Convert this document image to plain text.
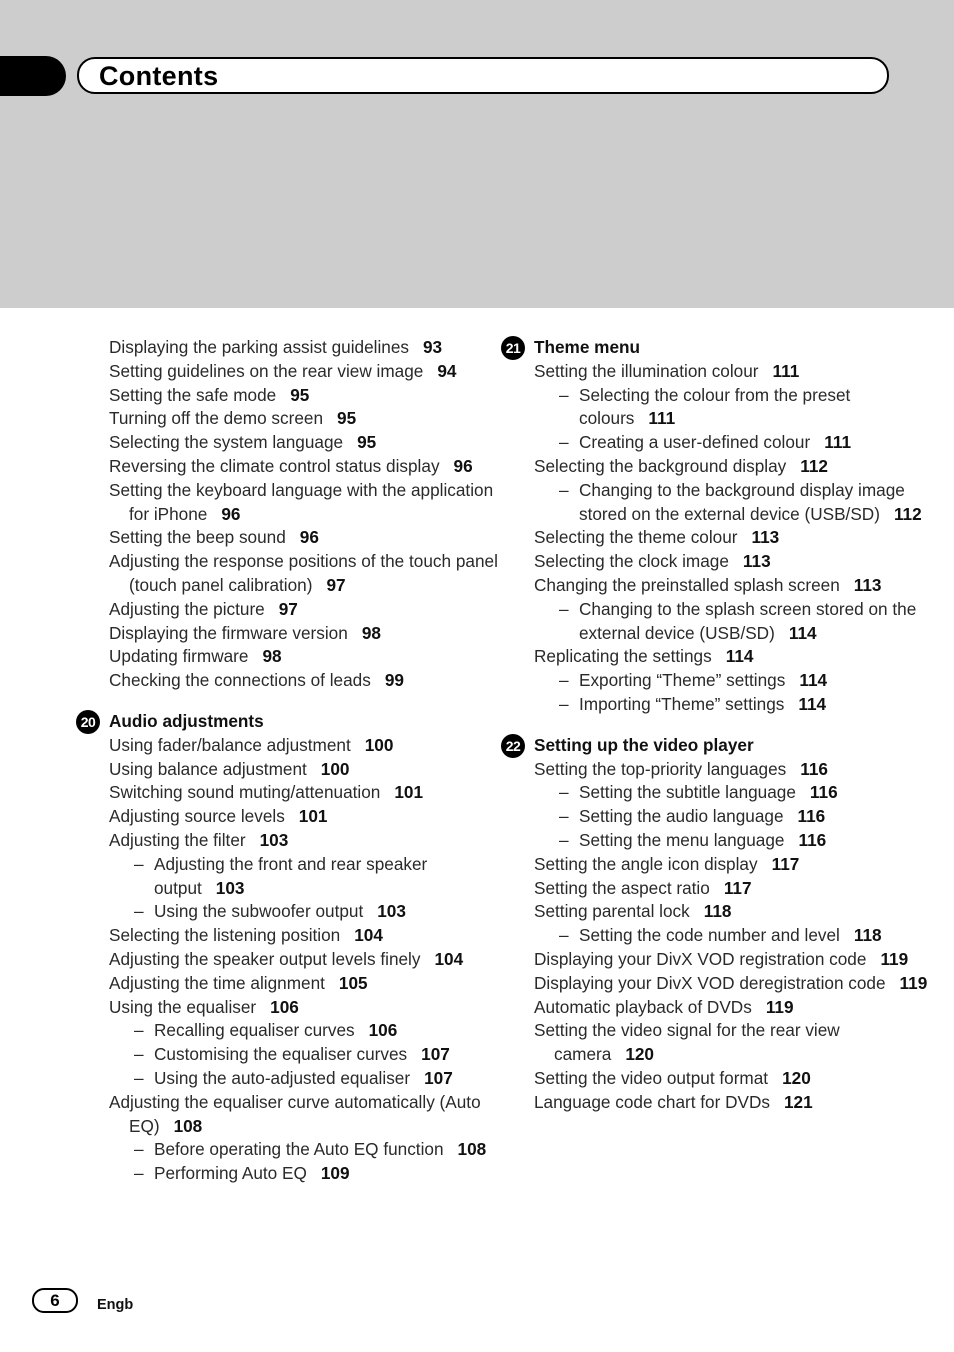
Contents
Displaying the parking assist guidelines 93
Setting guidelines on the rear view image 94
Setting the safe mode 95
Turning off the demo screen 95
Selecting the system language 95
Reversing the climate control status display 96
Setting the keyboard language with the application for iPhone 96
Setting the beep sound 96
Adjusting the response positions of the touch panel (touch panel calibration) 97
Adjusting the picture 97
Displaying the firmware version 98
Updating firmware 98
Checking the connections of leads 99
20 Audio adjustments
Using fader/balance adjustment 100
Using balance adjustment 100
Switching sound muting/attenuation 101
Adjusting source levels 101
Adjusting the filter 103
– Adjusting the front and rear speaker output 103
– Using the subwoofer output 103
Selecting the listening position 104
Adjusting the speaker output levels finely 104
Adjusting the time alignment 105
Using the equaliser 106
– Recalling equaliser curves 106
– Customising the equaliser curves 107
– Using the auto-adjusted equaliser 107
Adjusting the equaliser curve automatically (Auto EQ) 108
– Before operating the Auto EQ function 108
– Performing Auto EQ 109
21 Theme menu
Setting the illumination colour 111
– Selecting the colour from the preset colours 111
– Creating a user-defined colour 111
Selecting the background display 112
– Changing to the background display image stored on the external device (USB/SD) 112
Selecting the theme colour 113
Selecting the clock image 113
Changing the preinstalled splash screen 113
– Changing to the splash screen stored on the external device (USB/SD) 114
Replicating the settings 114
– Exporting “Theme” settings 114
– Importing “Theme” settings 114
22 Setting up the video player
Setting the top-priority languages 116
– Setting the subtitle language 116
– Setting the audio language 116
– Setting the menu language 116
Setting the angle icon display 117
Setting the aspect ratio 117
Setting parental lock 118
– Setting the code number and level 118
Displaying your DivX VOD registration code 119
Displaying your DivX VOD deregistration code 119
Automatic playback of DVDs 119
Setting the video signal for the rear view camera 120
Setting the video output format 120
Language code chart for DVDs 121
6	Engb
